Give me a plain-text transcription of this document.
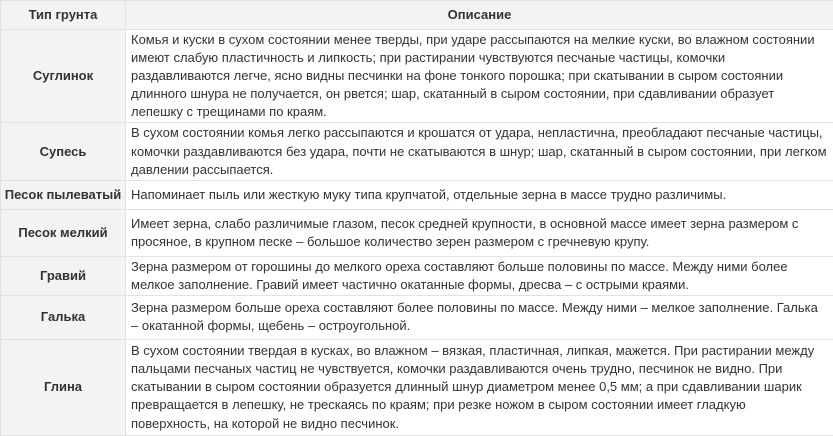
Тип грунта	Описание
Суглинок	Комья и куски в сухом состоянии менее тверды, при ударе рассыпаются на мелкие куски, во влажном состоянии имеют слабую пластичность и липкость; при растирании чувствуются песчаные частицы, комочки раздавливаются легче, ясно видны песчинки на фоне тонкого порошка; при скатывании в сыром состоянии длинного шнура не получается, он рвется; шар, скатанный в сыром состоянии, при сдавливании образует лепешку с трещинами по краям.
Супесь	В сухом состоянии комья легко рассыпаются и крошатся от удара, непластична, преобладают песчаные частицы, комочки раздавливаются без удара, почти не скатываются в шнур; шар, скатанный в сыром состоянии, при легком давлении рассыпается.
Песок пылеватый	Напоминает пыль или жесткую муку типа крупчатой, отдельные зерна в массе трудно различимы.
Песок мелкий	Имеет зерна, слабо различимые глазом, песок средней крупности, в основной массе имеет зерна размером с просяное, в крупном песке – большое количество зерен размером с гречневую крупу.
Гравий	Зерна размером от горошины до мелкого ореха составляют больше половины по массе. Между ними более мелкое заполнение. Гравий имеет частично окатанные формы, дресва – с острыми краями.
Галька	Зерна размером больше ореха составляют более половины по массе. Между ними – мелкое заполнение. Галька – окатанной формы, щебень – остроугольной.
Глина	В сухом состоянии твердая в кусках, во влажном – вязкая, пластичная, липкая, мажется. При растирании между пальцами песчаных частиц не чувствуется, комочки раздавливаются очень трудно, песчинок не видно. При скатывании в сыром состоянии образуется длинный шнур диаметром менее 0,5 мм; а при сдавливании шарик превращается в лепешку, не трескаясь по краям; при резке ножом в сыром состоянии имеет гладкую поверхность, на которой не видно песчинок.
